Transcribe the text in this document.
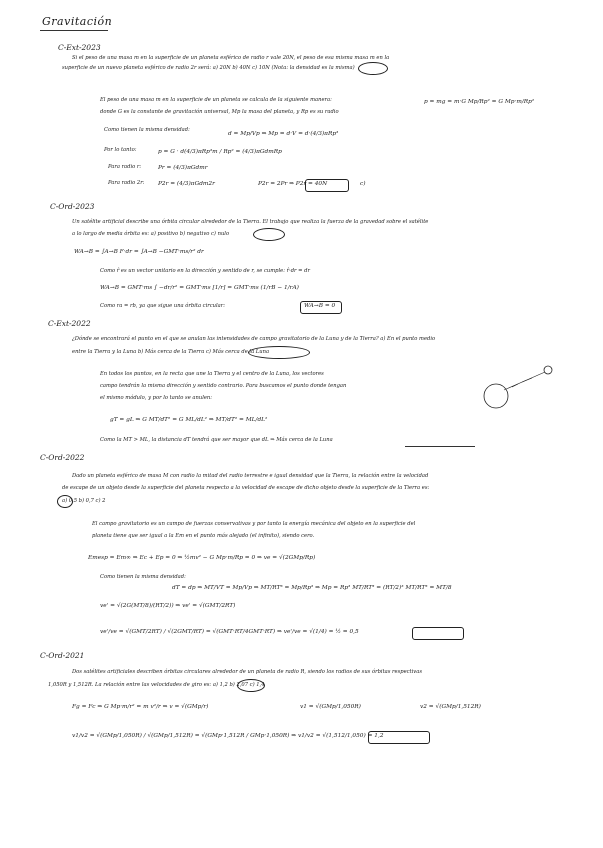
Gravitación
C-Ext-2023
Si el peso de una masa m en la superficie de un planeta esférico de radio r vale 20N, el peso de esa misma masa m en la
superficie de un nuevo planeta esférico de radio 2r será: a) 20N b) 40N c) 10N (Nota: la densidad es la misma)
El peso de una masa m en la superficie de un planeta se calcula de la siguiente manera:
donde G es la constante de gravitación universal, Mp la masa del planeta, y Rp es su radio
Como tienen la misma densidad:
Por lo tanto:
Para radio r:
Para radio 2r:
p = mg = m·G Mp/Rp² = G Mp·m/Rp²
d = Mp/Vp ⇒ Mp = d·V = d·(4/3)πRp³
p = G · d(4/3)πRp³m / Rp² = (4/3)πGdmRp
Pr = (4/3)πGdmr
P2r = (4/3)πGdm2r	P2r = 2Pr ⇒ P2r = 40N	c)
C-Ord-2023
Un satélite artificial describe una órbita circular alrededor de la Tierra. El trabajo que realiza la fuerza de la gravedad sobre el satélite
a lo largo de media órbita es: a) positivo b) negativo c) nulo
WA→B = ∫A→B F·dr = ∫A→B −GMT·ms/r² dr
Como r̂ es un vector unitario en la dirección y sentido de r, se cumple: r̂·dr = dr
WA→B = GMT·ms ∫ −dr/r² = GMT·ms [1/r] = GMT·ms (1/rB − 1/rA)
Como ra = rb, ya que sigue una órbita circular:	WA→B = 0
C-Ext-2022
¿Dónde se encontrará el punto en el que se anulan las intensidades de campo gravitatorio de la Luna y de la Tierra? a) En el punto medio
entre la Tierra y la Luna b) Más cerca de la Tierra c) Más cerca de la Luna
En todos los puntos, en la recta que une la Tierra y el centro de la Luna, los vectores
campo tendrán la misma dirección y sentido contrario. Para buscamos el punto donde tengan
el mismo módulo, y por lo tanto se anulen:
gT = gL ⇒ G MT/dT² = G ML/dL² ⇒ MT/dT² = ML/dL²
Como la MT > ML, la distancia dT tendrá que ser mayor que dL ⇒ Más cerca de la Luna
C-Ord-2022
Dado un planeta esférico de masa M con radio la mitad del radio terrestre e igual densidad que la Tierra, la relación entre la velocidad
de escape de un objeto desde la superficie del planeta respecto a la velocidad de escape de dicho objeto desde la superficie de la Tierra es:
a) 0,5 b) 0,7 c) 2
El campo gravitatorio es un campo de fuerzas conservativas y por tanto la energía mecánica del objeto en la superficie del
planeta tiene que ser igual a la Em en el punto más alejado (el infinito), siendo cero.
Emesp = Em∞ ⇒ Ec + Ep = 0 ⇒ ½mv² − G Mp·m/Rp = 0 ⇒ ve = √(2GMp/Rp)
Como tienen la misma densidad:
dT = dp ⇒ MT/VT = Mp/Vp ⇒ MT/RT³ = Mp/Rp³ ⇒ Mp = Rp³ MT/RT³ = (RT/2)³ MT/RT³ = MT/8
ve' = √(2G(MT/8)/(RT/2)) ⇒ ve' = √(GMT/2RT)
ve'/ve = √(GMT/2RT) / √(2GMT/RT) = √(GMT·RT/4GMT·RT) ⇒ ve'/ve = √(1/4) = ½ = 0,5
C-Ord-2021
Dos satélites artificiales describen órbitas circulares alrededor de un planeta de radio R, siendo los radios de sus órbitas respectivas
1,050R y 1,512R. La relación entre las velocidades de giro es: a) 1,2 b) 2,07 c) 1,4
Fg = Fc ⇒ G Mp·m/r² = m v²/r ⇒ v = √(GMp/r)	v1 = √(GMp/1,050R)	v2 = √(GMp/1,512R)
v1/v2 = √(GMp/1,050R) / √(GMp/1,512R) = √(GMp·1,512R / GMp·1,050R) ⇒ v1/v2 = √(1,512/1,050) = 1,2
